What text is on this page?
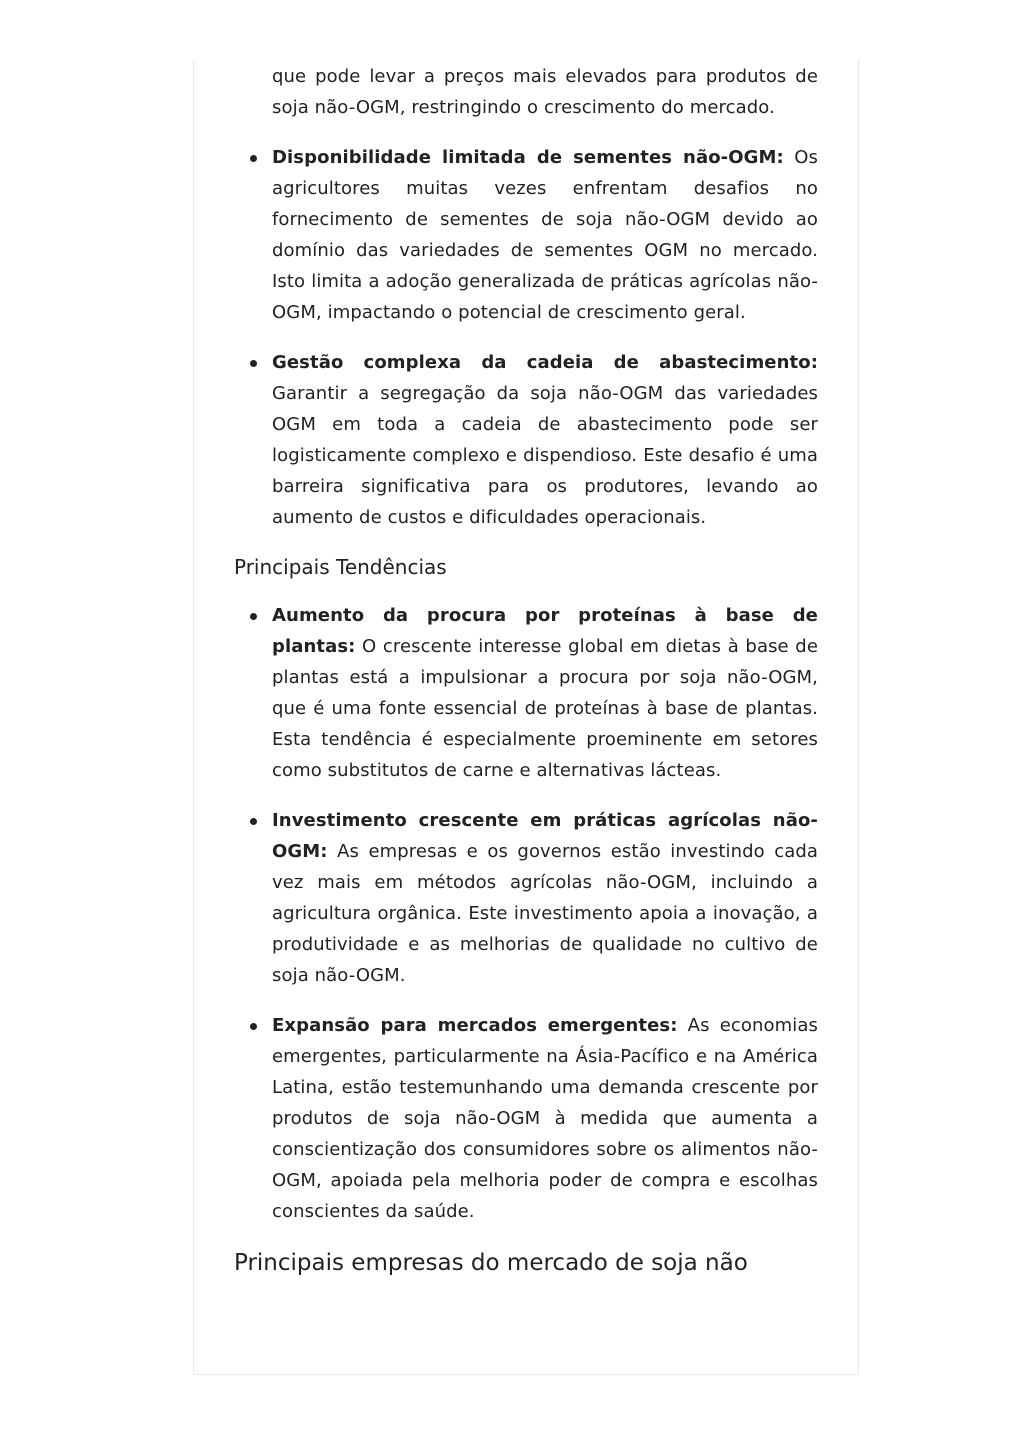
que pode levar a preços mais elevados para produtos de soja não-OGM, restringindo o crescimento do mercado.

Disponibilidade limitada de sementes não-OGM: Os agricultores muitas vezes enfrentam desafios no fornecimento de sementes de soja não-OGM devido ao domínio das variedades de sementes OGM no mercado. Isto limita a adoção generalizada de práticas agrícolas não-OGM, impactando o potencial de crescimento geral.

Gestão complexa da cadeia de abastecimento: Garantir a segregação da soja não-OGM das variedades OGM em toda a cadeia de abastecimento pode ser logisticamente complexo e dispendioso. Este desafio é uma barreira significativa para os produtores, levando ao aumento de custos e dificuldades operacionais.

Principais Tendências

Aumento da procura por proteínas à base de plantas: O crescente interesse global em dietas à base de plantas está a impulsionar a procura por soja não-OGM, que é uma fonte essencial de proteínas à base de plantas. Esta tendência é especialmente proeminente em setores como substitutos de carne e alternativas lácteas.

Investimento crescente em práticas agrícolas não-OGM: As empresas e os governos estão investindo cada vez mais em métodos agrícolas não-OGM, incluindo a agricultura orgânica. Este investimento apoia a inovação, a produtividade e as melhorias de qualidade no cultivo de soja não-OGM.

Expansão para mercados emergentes: As economias emergentes, particularmente na Ásia-Pacífico e na América Latina, estão testemunhando uma demanda crescente por produtos de soja não-OGM à medida que aumenta a conscientização dos consumidores sobre os alimentos não-OGM, apoiada pela melhoria poder de compra e escolhas conscientes da saúde.

Principais empresas do mercado de soja não
